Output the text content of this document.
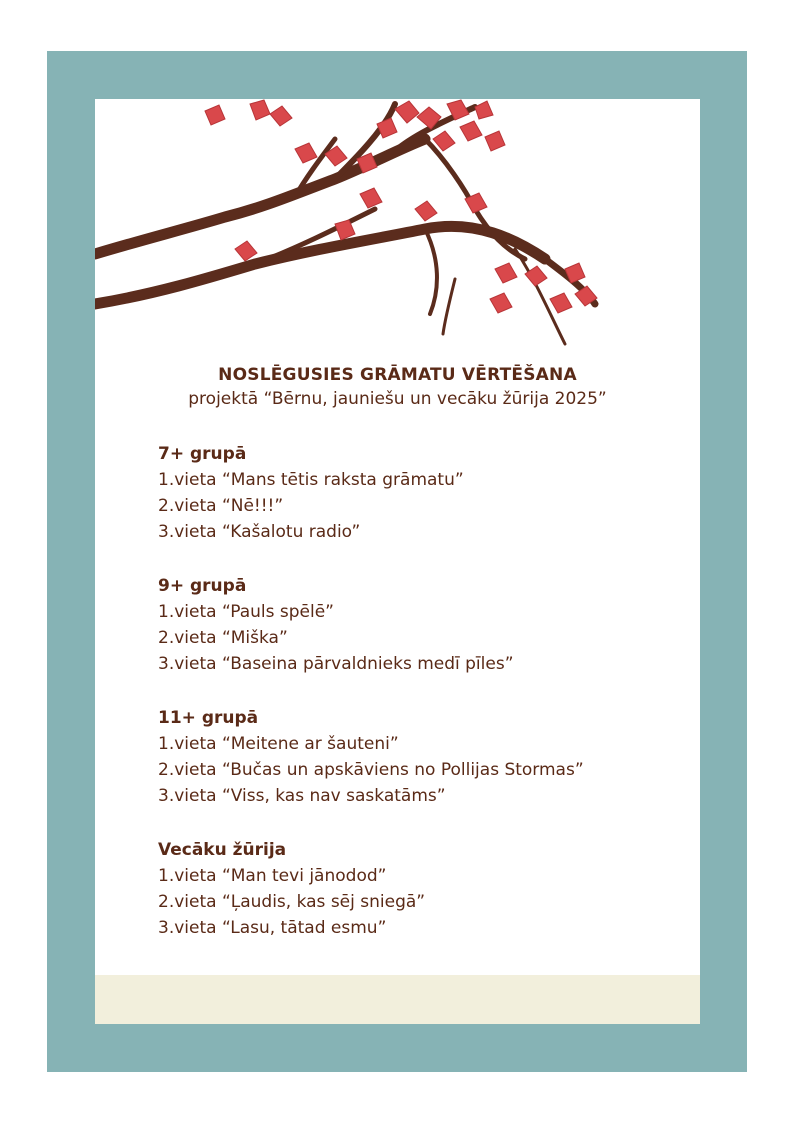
NOSLĒGUSIES GRĀMATU VĒRTĒŠANA
projektā “Bērnu, jauniešu un vecāku žūrija 2025”
7+ grupā
1.vieta “Mans tētis raksta grāmatu”
2.vieta “Nē!!!”
3.vieta “Kašalotu radio”
9+ grupā
1.vieta “Pauls spēlē”
2.vieta “Miška”
3.vieta “Baseina pārvaldnieks medī pīles”
11+ grupā
1.vieta “Meitene ar šauteni”
2.vieta “Bučas un apskāviens no Pollijas Stormas”
3.vieta “Viss, kas nav saskatāms”
Vecāku žūrija
1.vieta “Man tevi jānodod”
2.vieta “Ļaudis, kas sēj sniegā”
3.vieta “Lasu, tātad esmu”
